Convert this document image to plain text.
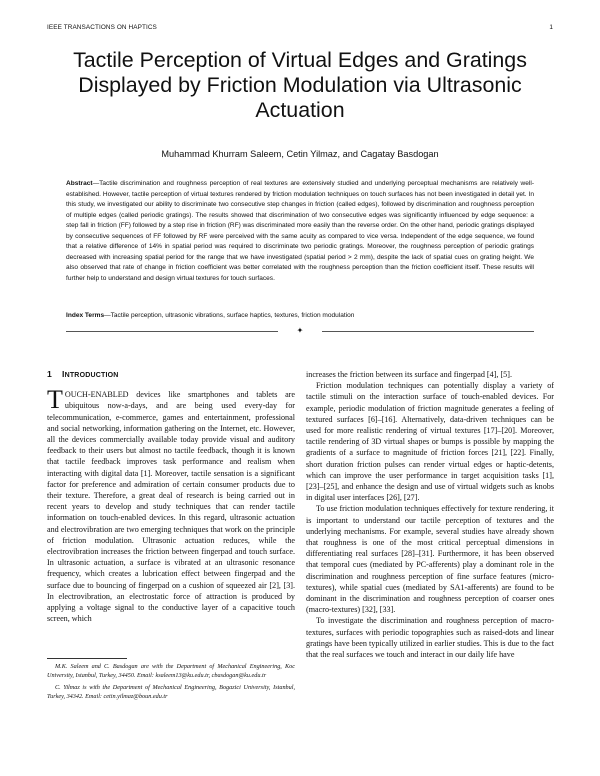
IEEE TRANSACTIONS ON HAPTICS	1
Tactile Perception of Virtual Edges and Gratings Displayed by Friction Modulation via Ultrasonic Actuation
Muhammad Khurram Saleem, Cetin Yilmaz, and Cagatay Basdogan
Abstract—Tactile discrimination and roughness perception of real textures are extensively studied and underlying perceptual mechanisms are relatively well-established. However, tactile perception of virtual textures rendered by friction modulation techniques on touch surfaces has not been investigated in detail yet. In this study, we investigated our ability to discriminate two consecutive step changes in friction (called edges), followed by discrimination and roughness perception of multiple edges (called periodic gratings). The results showed that discrimination of two consecutive edges was significantly influenced by edge sequence: a step fall in friction (FF) followed by a step rise in friction (RF) was discriminated more easily than the reverse order. On the other hand, periodic gratings displayed by consecutive sequences of FF followed by RF were perceived with the same acuity as compared to vice versa. Independent of the edge sequence, we found that a relative difference of 14% in spatial period was required to discriminate two periodic gratings. Moreover, the roughness perception of periodic gratings decreased with increasing spatial period for the range that we have investigated (spatial period > 2 mm), despite the lack of spatial cues on grating height. We also observed that rate of change in friction coefficient was better correlated with the roughness perception than the friction coefficient itself. These results will further help to understand and design virtual textures for touch surfaces.
Index Terms—Tactile perception, ultrasonic vibrations, surface haptics, textures, friction modulation
✦
1 INTRODUCTION

TOUCH-ENABLED devices like smartphones and tablets are ubiquitous now-a-days, and are being used every-day for telecommunication, e-commerce, games and entertainment, professional and social networking, information gathering on the Internet, etc. However, all the devices commercially available today provide visual and auditory feedback to their users but almost no tactile feedback, though it is known that tactile feedback improves task performance and realism when interacting with digital data [1]. Moreover, tactile sensation is a significant factor for preference and admiration of certain consumer products due to their texture. Therefore, a great deal of research is being carried out in recent years to develop and study techniques that can render tactile information on touch-enabled devices. In this regard, ultrasonic actuation and electrovibration are two emerging techniques that work on the principle of friction modulation. Ultrasonic actuation reduces, while the electrovibration increases the friction between fingerpad and touch surface. In ultrasonic actuation, a surface is vibrated at an ultrasonic resonance frequency, which creates a lubrication effect between fingerpad and the surface due to bouncing of fingerpad on a cushion of squeezed air [2], [3]. In electrovibration, an electrostatic force of attraction is produced by applying a voltage signal to the conductive layer of a capacitive touch screen, which

increases the friction between its surface and fingerpad [4], [5].

Friction modulation techniques can potentially display a variety of tactile stimuli on the interaction surface of touch-enabled devices. For example, periodic modulation of friction magnitude generates a feeling of textured surfaces [6]–[16]. Alternatively, data-driven techniques can be used for more realistic rendering of virtual textures [17]–[20]. Moreover, tactile rendering of 3D virtual shapes or bumps is possible by mapping the gradients of a surface to magnitude of friction forces [21], [22]. Finally, short duration friction pulses can render virtual edges or haptic-detents, which can improve the user performance in target acquisition tasks [1], [23]–[25], and enhance the design and use of virtual widgets such as knobs in digital user interfaces [26], [27].

To use friction modulation techniques effectively for texture rendering, it is important to understand our tactile perception of textures and the underlying mechanisms. For example, several studies have already shown that roughness is one of the most critical perceptual dimensions in differentiating real surfaces [28]–[31]. Furthermore, it has been observed that temporal cues (mediated by PC-afferents) play a dominant role in the discrimination and roughness perception of fine surface features (micro-textures), while spatial cues (mediated by SA1-afferents) are found to be dominant in the discrimination and roughness perception of coarser ones (macro-textures) [32], [33].

To investigate the discrimination and roughness perception of macro-textures, surfaces with periodic topographies such as raised-dots and linear gratings have been typically utilized in earlier studies. This is due to the fact that the real surfaces we touch and interact in our daily life have

M.K. Saleem and C. Basdogan are with the Department of Mechanical Engineering, Koc University, Istanbul, Turkey, 34450. Email: ksaleem13@ku.edu.tr, cbasdogan@ku.edu.tr

C. Yilmaz is with the Department of Mechanical Engineering, Bogazici University, Istanbul, Turkey, 34342. Email: cetin.yilmaz@boun.edu.tr
